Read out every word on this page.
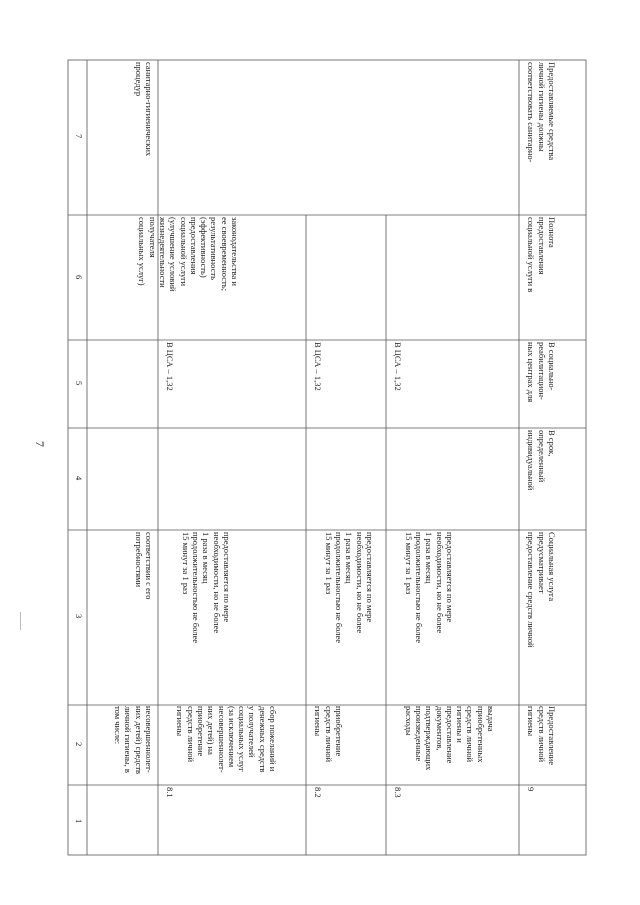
7
1
2
3
4
5
6
7
несовершеннолет-
них детей) средств
личной гигиены, в
том числе:
соответствии с его
потребностями
законодательства и
ее своевременность;
результативность
(эффективность)
предоставления
социальной услуги
(улучшение условий
жизнедеятельности
получателя
социальных услуг)
санитарно-гигиенических
процедур
8.1
сбор пожеланий и
денежных средств
у получателей
социальных услуг
(за исключением
несовершеннолет-
них детей) на
приобретение
средств личной
гигиены
предоставляется по мере
необходимости, но не более
1 раза в месяц
продолжительностью не более
15 минут за 1 раз
В ЦСА – 1,32
8.2
приобретение
средств личной
гигиены
предоставляется по мере
необходимости, но не более
1 раза в месяц
продолжительностью не более
15 минут за 1 раз
В ЦСА – 1,32
8.3
выдача
приобретенных
средств личной
гигиены и
предоставление
документов,
подтверждающих
произведенные
расходы
предоставляется по мере
необходимости, но не более
1 раза в месяц
продолжительностью не более
15 минут за 1 раз
В ЦСА – 1,32
9
Предоставление
средств личной
гигиены
Социальная услуга
предусматривает
предоставление средств личной
В срок,
определенный
индивидуальной
В социально-
реабилитацион-
ных центрах для
Полнота
предоставления
социальной услуги в
Предоставляемые средства
личной гигиены должны
соответствовать санитарно-
